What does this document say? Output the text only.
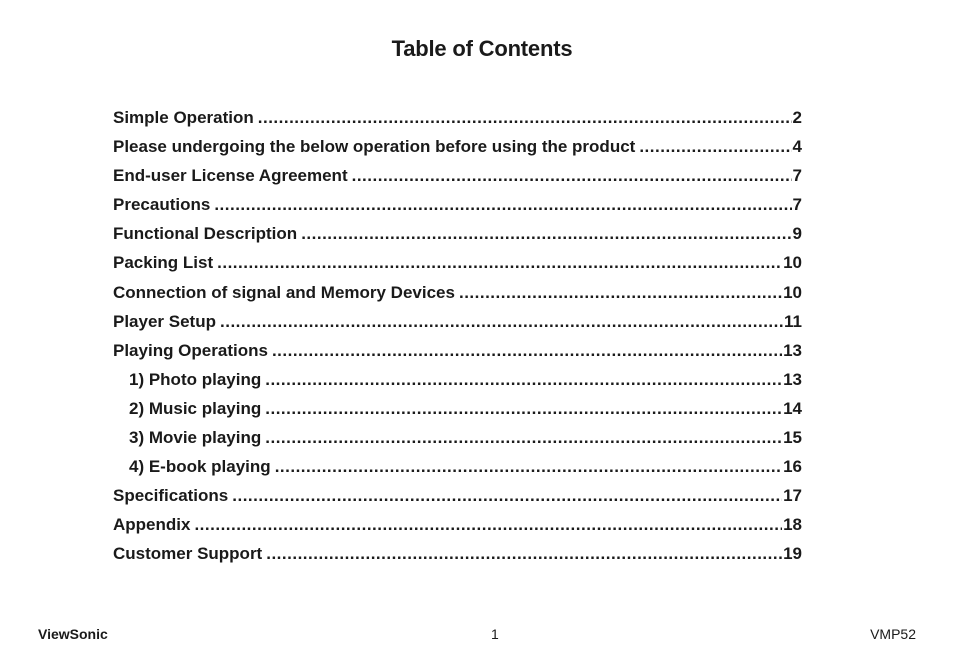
Table of Contents
Simple Operation .....	2
Please undergoing the below operation before using the product .....	4
End-user License Agreement .....	7
Precautions .....	7
Functional Description .....	9
Packing List .....	10
Connection of signal and Memory Devices .....	10
Player Setup .....	11
Playing Operations .....	13
1) Photo playing .....	13
2) Music playing .....	14
3) Movie playing .....	15
4) E-book playing .....	16
Specifications .....	17
Appendix .....	18
Customer Support .....	19
ViewSonic	1	VMP52
